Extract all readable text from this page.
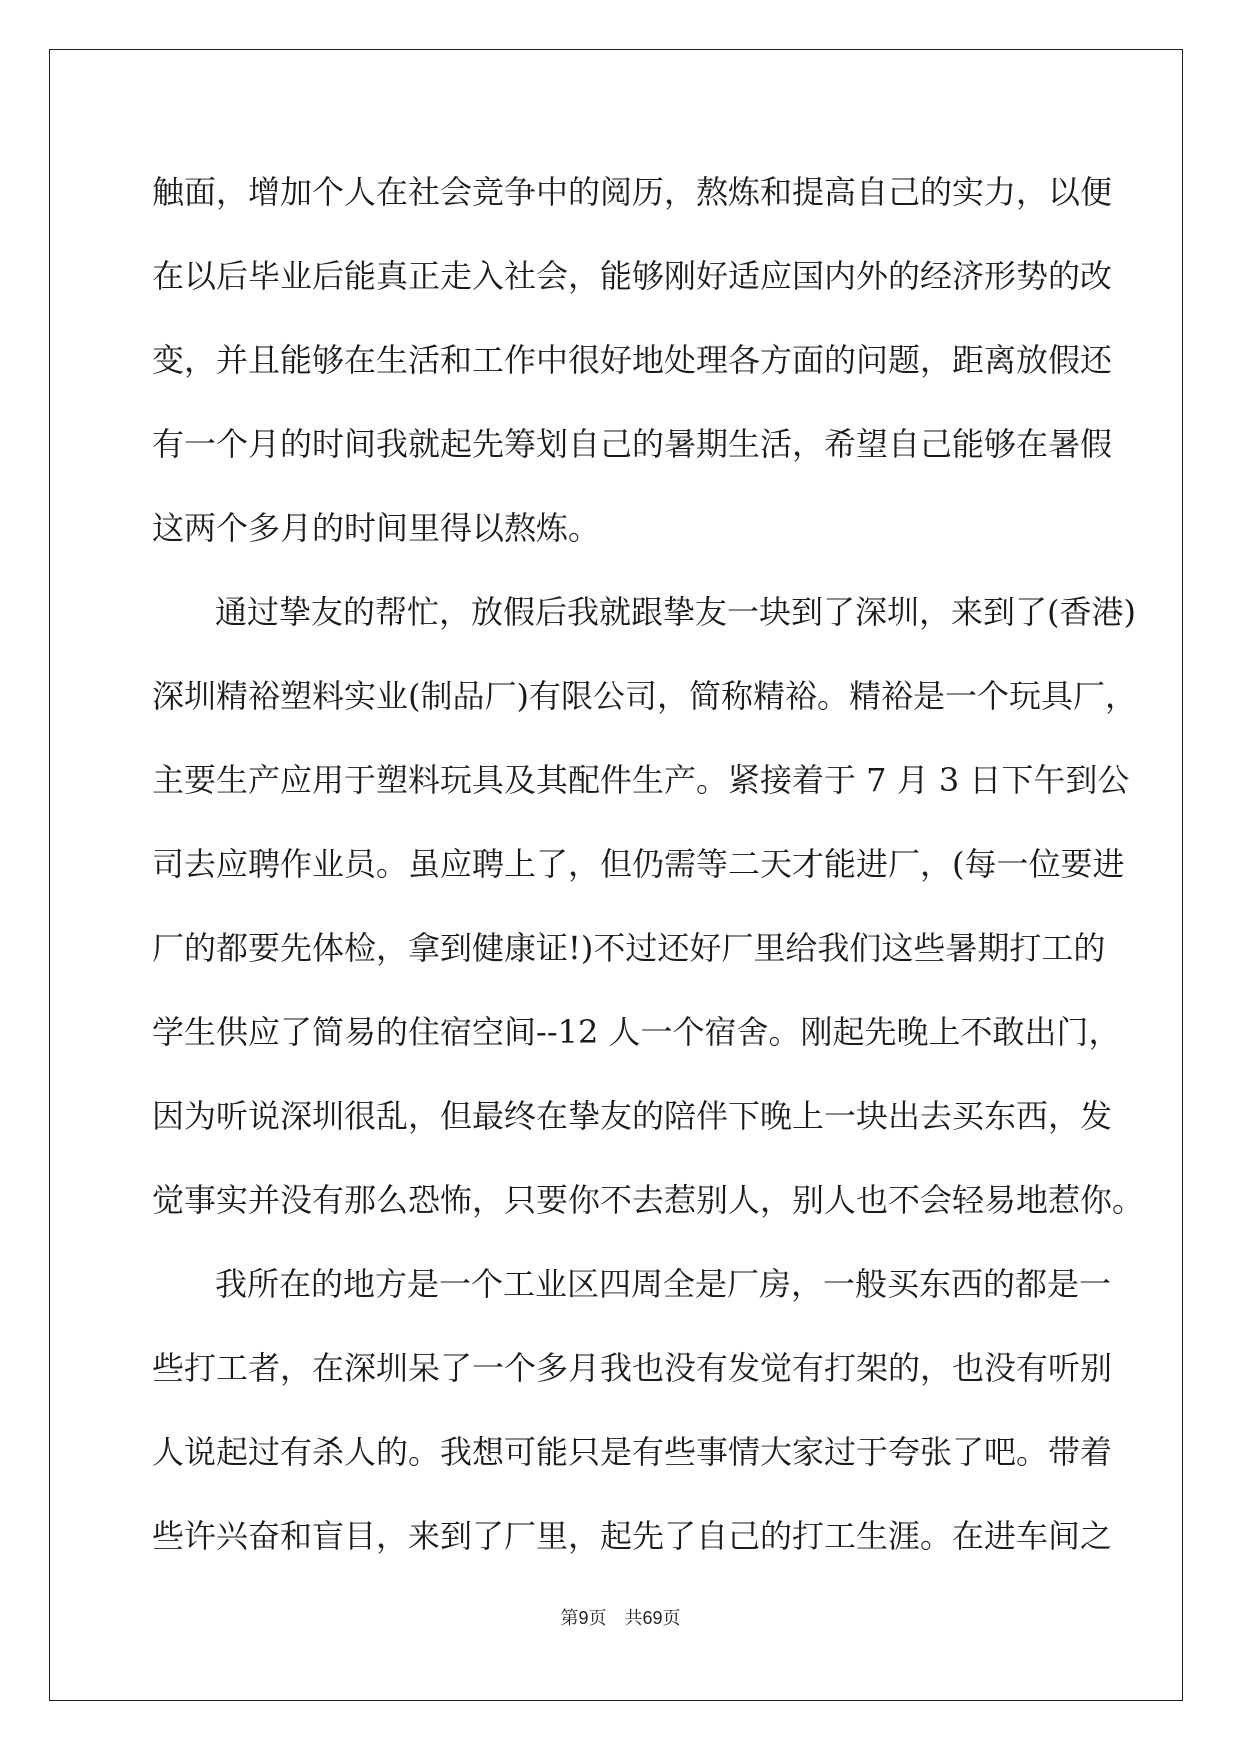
触面，增加个人在社会竞争中的阅历，熬炼和提高自己的实力，以便
在以后毕业后能真正走入社会，能够刚好适应国内外的经济形势的改
变，并且能够在生活和工作中很好地处理各方面的问题，距离放假还
有一个月的时间我就起先筹划自己的暑期生活，希望自己能够在暑假
这两个多月的时间里得以熬炼。
通过挚友的帮忙，放假后我就跟挚友一块到了深圳，来到了(香港)
深圳精裕塑料实业(制品厂)有限公司，简称精裕。精裕是一个玩具厂，
主要生产应用于塑料玩具及其配件生产。紧接着于 7 月 3 日下午到公
司去应聘作业员。虽应聘上了，但仍需等二天才能进厂，(每一位要进
厂的都要先体检，拿到健康证!)不过还好厂里给我们这些暑期打工的
学生供应了简易的住宿空间--12 人一个宿舍。刚起先晚上不敢出门，
因为听说深圳很乱，但最终在挚友的陪伴下晚上一块出去买东西，发
觉事实并没有那么恐怖，只要你不去惹别人，别人也不会轻易地惹你。
我所在的地方是一个工业区四周全是厂房，一般买东西的都是一
些打工者，在深圳呆了一个多月我也没有发觉有打架的，也没有听别
人说起过有杀人的。我想可能只是有些事情大家过于夸张了吧。带着
些许兴奋和盲目，来到了厂里，起先了自己的打工生涯。在进车间之
第9页 共69页
